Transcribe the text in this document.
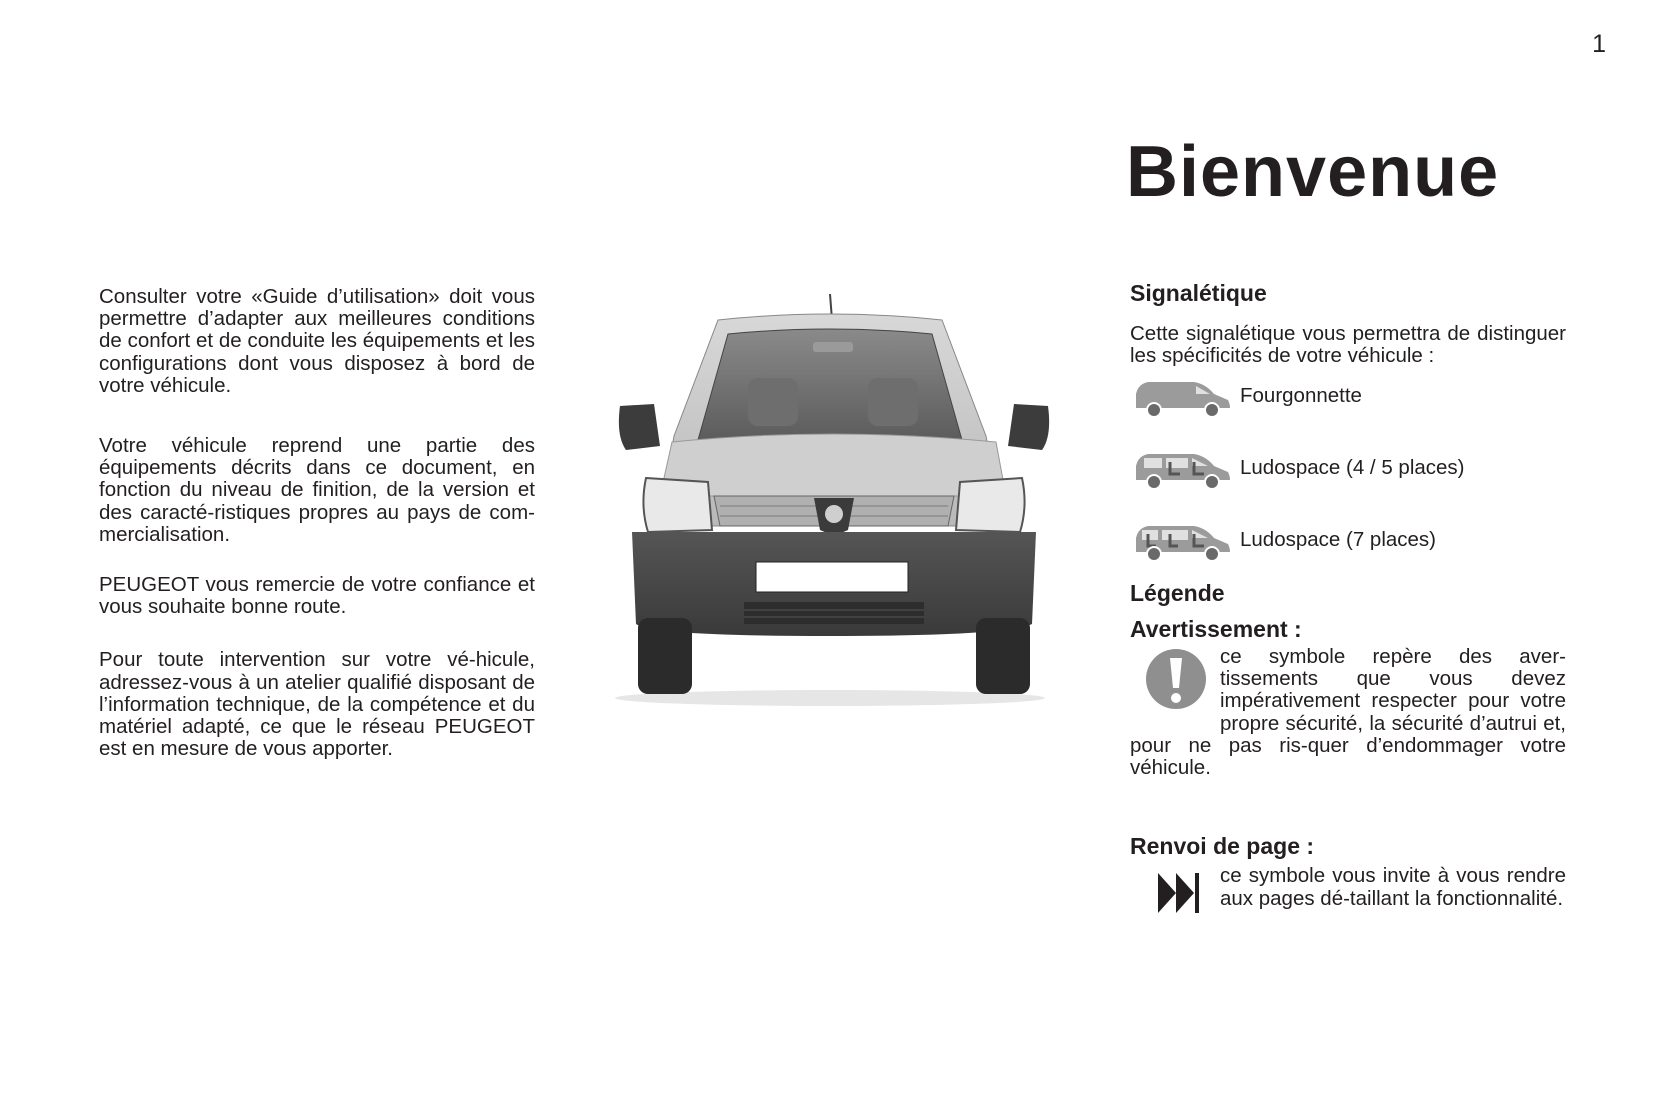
1
Bienvenue

Consulter votre «Guide d’utilisation» doit vous permettre d’adapter aux meilleures conditions de confort et de conduite les équipements et les configurations dont vous disposez à bord de votre véhicule.

Votre véhicule reprend une partie des équipements décrits dans ce document, en fonction du niveau de finition, de la version et des caracté-ristiques propres au pays de com-mercialisation.

PEUGEOT vous remercie de votre confiance et vous souhaite bonne route.

Pour toute intervention sur votre vé-hicule, adressez-vous à un atelier qualifié disposant de l’information technique, de la compétence et du matériel adapté, ce que le réseau PEUGEOT est en mesure de vous apporter.

Signalétique

Cette signalétique vous permettra de distinguer les spécificités de votre véhicule :

Fourgonnette
Ludospace (4 / 5 places)
Ludospace (7 places)

Légende

Avertissement :

ce symbole repère des aver-tissements que vous devez impérativement respecter pour votre propre sécurité, la sécurité d’autrui et, pour ne pas ris-quer d’endommager votre véhicule.

Renvoi de page :

ce symbole vous invite à vous rendre aux pages dé-taillant la fonctionnalité.
